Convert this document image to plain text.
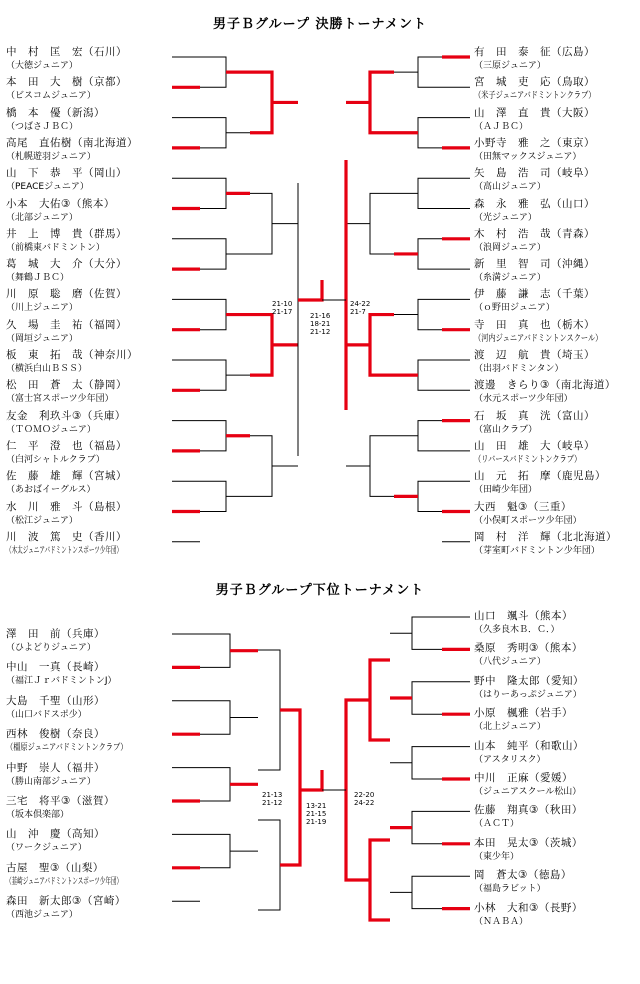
男子Ｂグループ 決勝トーナメント
男子Ｂグループ下位トーナメント
中　村　匡　宏（石川）
（大徳ジュニア）
本　田　大　樹（京都）
（ビスコムジュニア）
橋　本　優（新潟）
（つばさＪＢＣ）
高尾　直佑樹（南北海道）
（札幌遊羽ジュニア）
山　下　恭　平（岡山）
（PEACEジュニア）
小本　大佑③（熊本）
（北部ジュニア）
井　上　博　貴（群馬）
（前橋東バドミントン）
葛　城　大　介（大分）
（舞鶴ＪＢＣ）
川　原　聡　磨（佐賀）
（川上ジュニア）
久　場　圭　祐（福岡）
（岡垣ジュニア）
板　東　拓　哉（神奈川）
（横浜白山ＢＳＳ）
松　田　蒼　太（静岡）
（富士宮スポーツ少年団）
友金　利玖斗③（兵庫）
（ＴＯＭＯジュニア）
仁　平　澄　也（福島）
（白河シャトルクラブ）
佐　藤　雄　輝（宮城）
（あおばイーグルス）
水　川　雅　斗（島根）
（松江ジュニア）
川　波　篤　史（香川）
（木太ジュニアバドミントンスポーツ少年団）
有　田　泰　征（広島）
（三原ジュニア）
宮　城　吏　応（鳥取）
（米子ジュニアバドミントンクラブ）
山　澤　直　貴（大阪）
（ＡＪＢＣ）
小野寺　雅　之（東京）
（田無マックスジュニア）
矢　島　浩　司（岐阜）
（高山ジュニア）
森　永　雅　弘（山口）
（光ジュニア）
木　村　浩　哉（青森）
（浪岡ジュニア）
新　里　智　司（沖縄）
（糸満ジュニア）
伊　藤　謙　志（千葉）
（ｏ野田ジュニア）
寺　田　真　也（栃木）
（河内ジュニアバドミントンスクール）
渡　辺　航　貴（埼玉）
（出羽バドミンタン）
渡邊　きらり③（南北海道）
（水元スポーツ少年団）
石　坂　真　洸（富山）
（富山クラブ）
山　田　雄　大（岐阜）
（リバースバドミントンクラブ）
山　元　拓　摩（鹿児島）
（田崎少年団）
大西　魁③（三重）
（小俣町スポーツ少年団）
岡　村　洋　輝（北北海道）
（芽室町バドミントン少年団）
澤　田　前（兵庫）
（ひよどりジュニア）
中山　一真（長崎）
（福江ＪｒバドミントンJ）
大島　千聖（山形）
（山口バドスポ少）
西林　俊樹（奈良）
（橿原ジュニアバドミントンクラブ）
中野　崇人（福井）
（勝山南部ジュニア）
三宅　将平③（滋賀）
（坂本倶楽部）
山　沖　慶（高知）
（ワークジュニア）
古屋　聖③（山梨）
（韮崎ジュニアバドミントンスポーツ少年団）
森田　新太郎③（宮崎）
（西池ジュニア）
山口　颯斗（熊本）
（久多良木Ｂ．Ｃ．）
桑原　秀明③（熊本）
（八代ジュニア）
野中　隆太郎（愛知）
（はりーあっぷジュニア）
小原　楓雅（岩手）
（北上ジュニア）
山本　純平（和歌山）
（アスタリスク）
中川　正麻（愛媛）
（ジュニアスクール松山）
佐藤　翔真③（秋田）
（ＡＣＴ）
本田　晃太③（茨城）
（東少年）
岡　蒼太③（徳島）
（福島ラビット）
小林　大和③（長野）
（ＮＡＢＡ）
21-10
21-17	21-16
18-21
21-12
24-22
21-7
21-13
21-12	13-21
21-15
21-19
22-20
24-22
